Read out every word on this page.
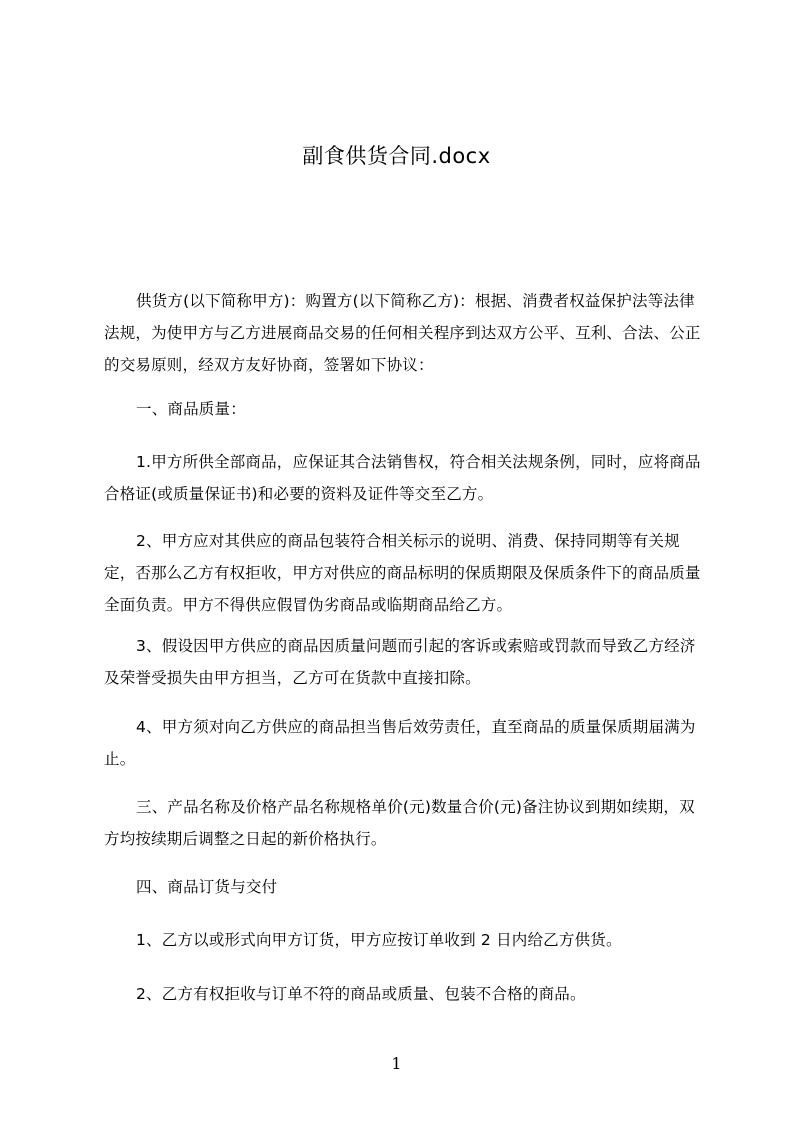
副食供货合同.docx
供货方(以下简称甲方)：购置方(以下简称乙方)：根据、消费者权益保护法等法律法规，为使甲方与乙方进展商品交易的任何相关程序到达双方公平、互利、合法、公正的交易原则，经双方友好协商，签署如下协议：
一、商品质量：
1.甲方所供全部商品，应保证其合法销售权，符合相关法规条例，同时，应将商品合格证(或质量保证书)和必要的资料及证件等交至乙方。
2、甲方应对其供应的商品包装符合相关标示的说明、消费、保持同期等有关规定，否那么乙方有权拒收，甲方对供应的商品标明的保质期限及保质条件下的商品质量全面负责。甲方不得供应假冒伪劣商品或临期商品给乙方。
3、假设因甲方供应的商品因质量问题而引起的客诉或索赔或罚款而导致乙方经济及荣誉受损失由甲方担当，乙方可在货款中直接扣除。
4、甲方须对向乙方供应的商品担当售后效劳责任，直至商品的质量保质期届满为止。
三、产品名称及价格产品名称规格单价(元)数量合价(元)备注协议到期如续期，双方均按续期后调整之日起的新价格执行。
四、商品订货与交付
1、乙方以或形式向甲方订货，甲方应按订单收到 2 日内给乙方供货。
2、乙方有权拒收与订单不符的商品或质量、包装不合格的商品。
1
